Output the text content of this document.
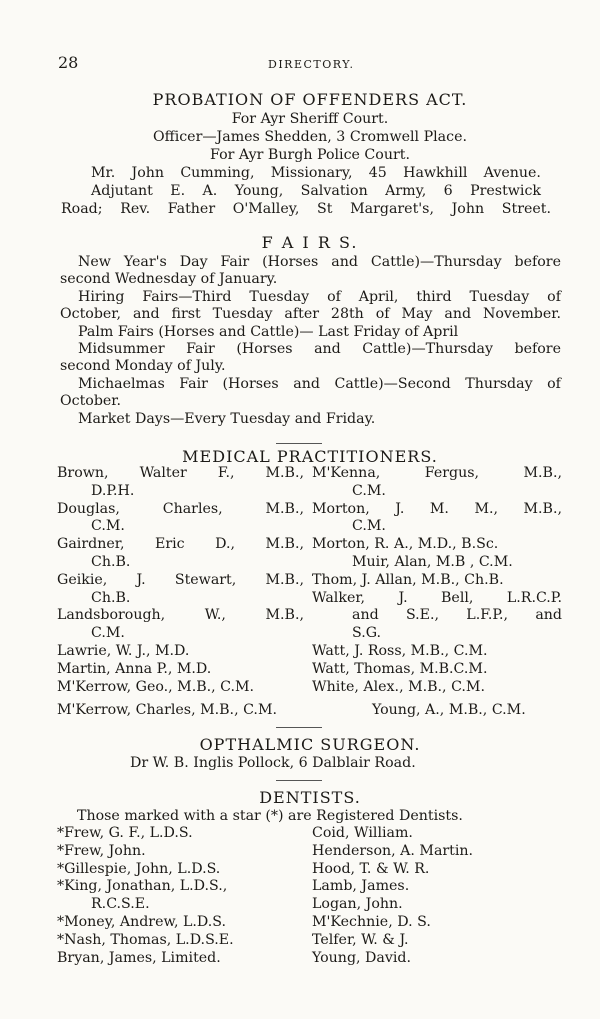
28	DIRECTORY.
PROBATION OF OFFENDERS ACT.
For Ayr Sheriff Court.
Officer—James Shedden, 3 Cromwell Place.
For Ayr Burgh Police Court.
Mr. John Cumming, Missionary, 45 Hawkhill Avenue.
Adjutant E. A. Young, Salvation Army, 6 Prestwick
Road; Rev. Father O'Malley, St Margaret's, John Street.
F A I R S.
New Year's Day Fair (Horses and Cattle)—Thursday before
second Wednesday of January.
Hiring Fairs—Third Tuesday of April, third Tuesday of
October, and first Tuesday after 28th of May and November.
Palm Fairs (Horses and Cattle)— Last Friday of April
Midsummer Fair (Horses and Cattle)—Thursday before
second Monday of July.
Michaelmas Fair (Horses and Cattle)—Second Thursday of
October.
Market Days—Every Tuesday and Friday.
MEDICAL PRACTITIONERS.
Brown, Walter F., M.B.,
D.P.H.
Douglas,	Charles,	M.B.,
C.M.
Gairdner, Eric D., M.B.,
Ch.B.
Geikie, J. Stewart, M.B.,
Ch.B.
Landsborough,	W.,	M.B.,
C.M.
Lawrie, W. J., M.D.
Martin, Anna P., M.D.
M'Kerrow, Geo., M.B., C.M.
M'Kenna,	Fergus,	M.B.,
C.M.
Morton, J. M. M., M.B.,
C.M.
Morton, R. A., M.D., B.Sc.
Muir, Alan, M.B , C.M.
Thom, J. Allan, M.B., Ch.B.
Walker, J. Bell, L.R.C.P.
and S.E., L.F.P., and
S.G.
Watt, J. Ross, M.B., C.M.
Watt, Thomas, M.B.C.M.
White, Alex., M.B., C.M.
M'Kerrow, Charles, M.B., C.M.	Young, A., M.B., C.M.
OPTHALMIC SURGEON.
Dr W. B. Inglis Pollock, 6 Dalblair Road.
DENTISTS.
Those marked with a star (*) are Registered Dentists.
*Frew, G. F., L.D.S.
*Frew, John.
*Gillespie, John, L.D.S.
*King, Jonathan, L.D.S.,
R.C.S.E.
*Money, Andrew, L.D.S.
*Nash, Thomas, L.D.S.E.
Bryan, James, Limited.
Coid, William.
Henderson, A. Martin.
Hood, T. & W. R.
Lamb, James.
Logan, John.
M'Kechnie, D. S.
Telfer, W. & J.
Young, David.
